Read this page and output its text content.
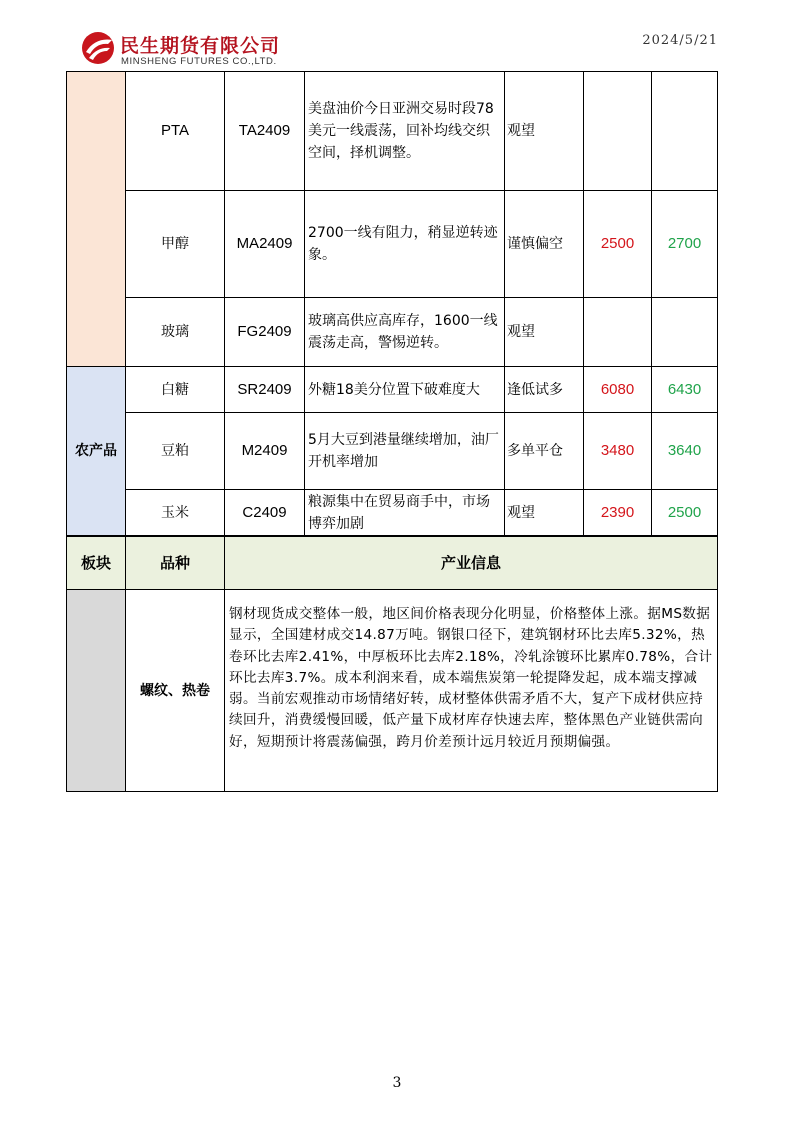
民生期货有限公司
MINSHENG FUTURES CO.,LTD.
2024/5/21
	PTA	TA2409	美盘油价今日亚洲交易时段78美元一线震荡，回补均线交织空间，择机调整。	观望		
	甲醇	MA2409	2700一线有阻力，稍显逆转迹象。	谨慎偏空	2500	2700
	玻璃	FG2409	玻璃高供应高库存，1600一线震荡走高，警惕逆转。	观望		
农产品	白糖	SR2409	外糖18美分位置下破难度大	逢低试多	6080	6430
	豆粕	M2409	5月大豆到港量继续增加，油厂开机率增加	多单平仓	3480	3640
	玉米	C2409	粮源集中在贸易商手中，市场博弈加剧	观望	2390	2500
板块	品种	产业信息
	螺纹、热卷	钢材现货成交整体一般，地区间价格表现分化明显，价格整体上涨。据MS数据显示，全国建材成交14.87万吨。钢银口径下，建筑钢材环比去库5.32%，热卷环比去库2.41%，中厚板环比去库2.18%，冷轧涂镀环比累库0.78%，合计环比去库3.7%。成本利润来看，成本端焦炭第一轮提降发起，成本端支撑减弱。当前宏观推动市场情绪好转，成材整体供需矛盾不大，复产下成材供应持续回升，消费缓慢回暖，低产量下成材库存快速去库，整体黑色产业链供需向好，短期预计将震荡偏强，跨月价差预计远月较近月预期偏强。
3
